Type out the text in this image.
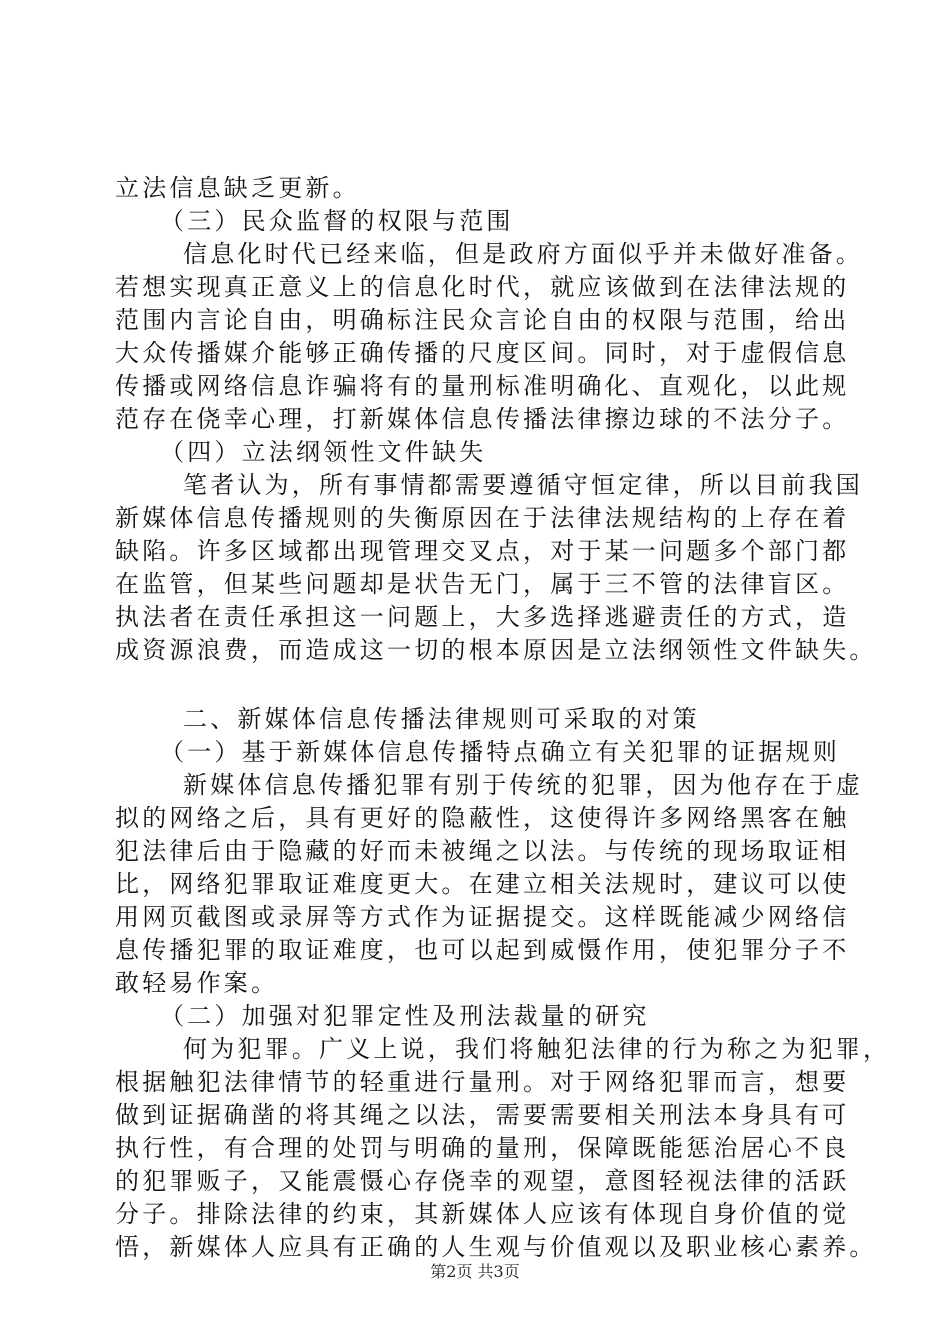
立法信息缺乏更新。
（三）民众监督的权限与范围
信息化时代已经来临，但是政府方面似乎并未做好准备。
若想实现真正意义上的信息化时代，就应该做到在法律法规的
范围内言论自由，明确标注民众言论自由的权限与范围，给出
大众传播媒介能够正确传播的尺度区间。同时，对于虚假信息
传播或网络信息诈骗将有的量刑标准明确化、直观化，以此规
范存在侥幸心理，打新媒体信息传播法律擦边球的不法分子。
（四）立法纲领性文件缺失
笔者认为，所有事情都需要遵循守恒定律，所以目前我国
新媒体信息传播规则的失衡原因在于法律法规结构的上存在着
缺陷。许多区域都出现管理交叉点，对于某一问题多个部门都
在监管，但某些问题却是状告无门，属于三不管的法律盲区。
执法者在责任承担这一问题上，大多选择逃避责任的方式，造
成资源浪费，而造成这一切的根本原因是立法纲领性文件缺失。
二、新媒体信息传播法律规则可采取的对策
（一）基于新媒体信息传播特点确立有关犯罪的证据规则
新媒体信息传播犯罪有别于传统的犯罪，因为他存在于虚
拟的网络之后，具有更好的隐蔽性，这使得许多网络黑客在触
犯法律后由于隐藏的好而未被绳之以法。与传统的现场取证相
比，网络犯罪取证难度更大。在建立相关法规时，建议可以使
用网页截图或录屏等方式作为证据提交。这样既能减少网络信
息传播犯罪的取证难度，也可以起到威慑作用，使犯罪分子不
敢轻易作案。
（二）加强对犯罪定性及刑法裁量的研究
何为犯罪。广义上说，我们将触犯法律的行为称之为犯罪，
根据触犯法律情节的轻重进行量刑。对于网络犯罪而言，想要
做到证据确凿的将其绳之以法，需要需要相关刑法本身具有可
执行性，有合理的处罚与明确的量刑，保障既能惩治居心不良
的犯罪贩子，又能震慑心存侥幸的观望，意图轻视法律的活跃
分子。排除法律的约束，其新媒体人应该有体现自身价值的觉
悟，新媒体人应具有正确的人生观与价值观以及职业核心素养。
第2页 共3页
